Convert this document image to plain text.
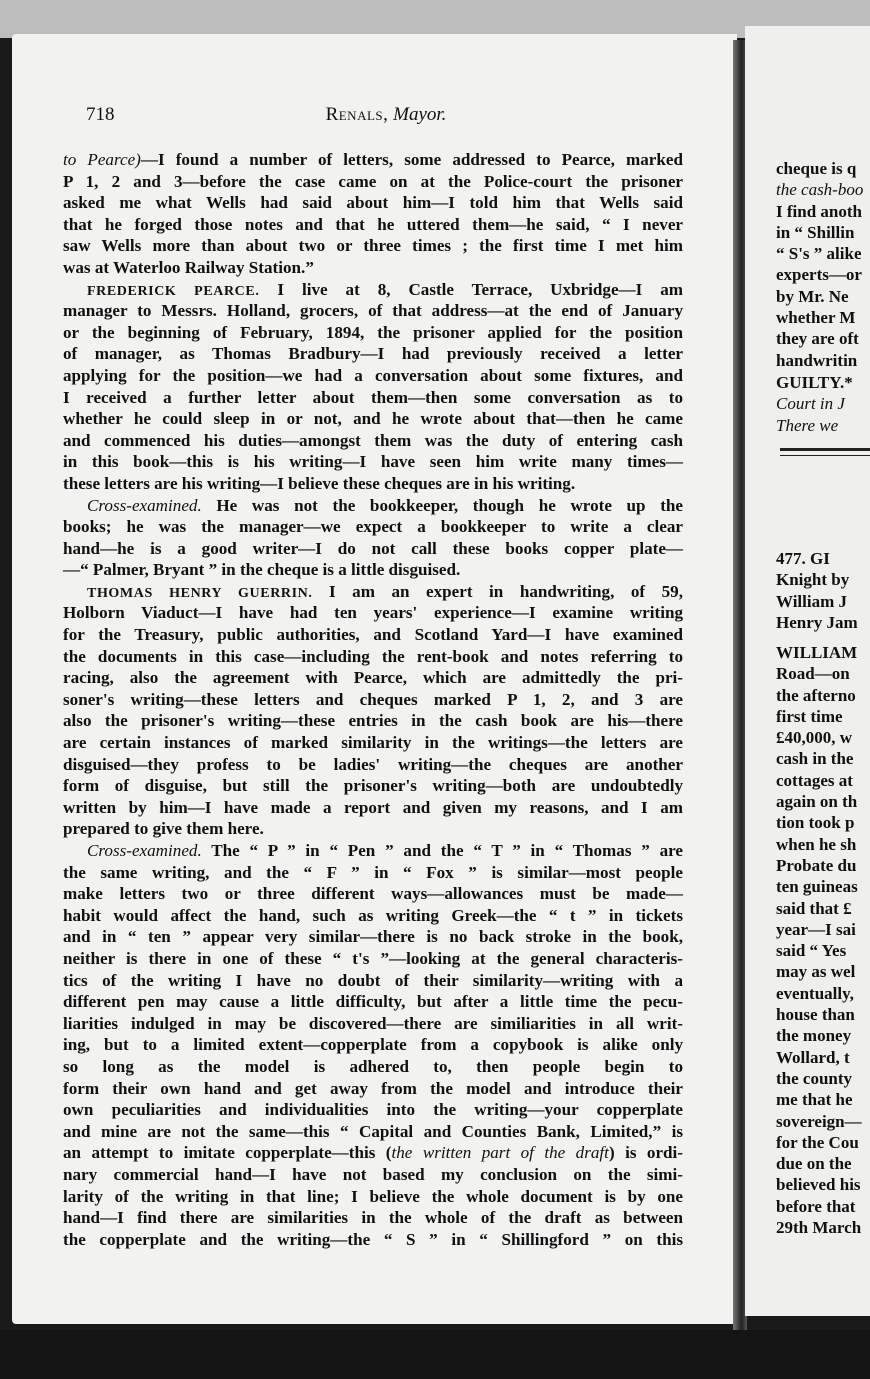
718	Renals, Mayor.
to Pearce)—I found a number of letters, some addressed to Pearce, marked
P 1, 2 and 3—before the case came on at the Police-court the prisoner
asked me what Wells had said about him—I told him that Wells said
that he forged those notes and that he uttered them—he said, “ I never
saw Wells more than about two or three times ; the first time I met him
was at Waterloo Railway Station.”
FREDERICK PEARCE. I live at 8, Castle Terrace, Uxbridge—I am
manager to Messrs. Holland, grocers, of that address—at the end of January
or the beginning of February, 1894, the prisoner applied for the position
of manager, as Thomas Bradbury—I had previously received a letter
applying for the position—we had a conversation about some fixtures, and
I received a further letter about them—then some conversation as to
whether he could sleep in or not, and he wrote about that—then he came
and commenced his duties—amongst them was the duty of entering cash
in this book—this is his writing—I have seen him write many times—
these letters are his writing—I believe these cheques are in his writing.
Cross-examined. He was not the bookkeeper, though he wrote up the
books; he was the manager—we expect a bookkeeper to write a clear
hand—he is a good writer—I do not call these books copper plate—
—“ Palmer, Bryant ” in the cheque is a little disguised.
THOMAS HENRY GUERRIN. I am an expert in handwriting, of 59,
Holborn Viaduct—I have had ten years' experience—I examine writing
for the Treasury, public authorities, and Scotland Yard—I have examined
the documents in this case—including the rent-book and notes referring to
racing, also the agreement with Pearce, which are admittedly the pri-
soner's writing—these letters and cheques marked P 1, 2, and 3 are
also the prisoner's writing—these entries in the cash book are his—there
are certain instances of marked similarity in the writings—the letters are
disguised—they profess to be ladies' writing—the cheques are another
form of disguise, but still the prisoner's writing—both are undoubtedly
written by him—I have made a report and given my reasons, and I am
prepared to give them here.
Cross-examined. The “ P ” in “ Pen ” and the “ T ” in “ Thomas ” are
the same writing, and the “ F ” in “ Fox ” is similar—most people
make letters two or three different ways—allowances must be made—
habit would affect the hand, such as writing Greek—the “ t ” in tickets
and in “ ten ” appear very similar—there is no back stroke in the book,
neither is there in one of these “ t's ”—looking at the general characteris-
tics of the writing I have no doubt of their similarity—writing with a
different pen may cause a little difficulty, but after a little time the pecu-
liarities indulged in may be discovered—there are similiarities in all writ-
ing, but to a limited extent—copperplate from a copybook is alike only
so long as the model is adhered to, then people begin to
form their own hand and get away from the model and introduce their
own peculiarities and individualities into the writing—your copperplate
and mine are not the same—this “ Capital and Counties Bank, Limited,” is
an attempt to imitate copperplate—this (the written part of the draft) is ordi-
nary commercial hand—I have not based my conclusion on the simi-
larity of the writing in that line; I believe the whole document is by one
hand—I find there are similarities in the whole of the draft as between
the copperplate and the writing—the “ S ” in “ Shillingford ” on this
cheque is q
the cash-boo
I find anoth
in “ Shillin
“ S's ” alike
experts—or
by Mr. Ne
whether M
they are oft
handwritin
GUILTY.*
Court in J
There we
477. GI
Knight by
William J
Henry Jam
WILLIAM
Road—on
the afterno
first time
£40,000, w
cash in the
cottages at
again on th
tion took p
when he sh
Probate du
ten guineas
said that £
year—I sai
said “ Yes
may as wel
eventually,
house than
the money
Wollard, t
the county
me that he
sovereign—
for the Cou
due on the
believed his
before that
29th March
